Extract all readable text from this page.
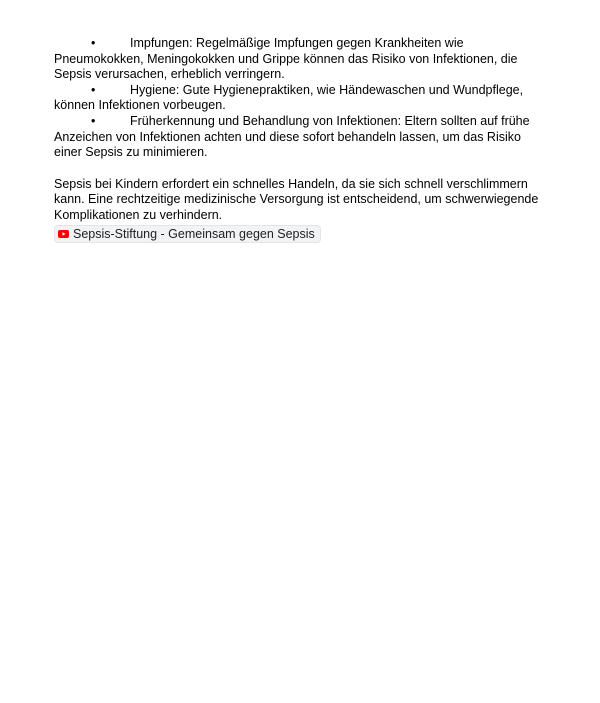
•	Impfungen: Regelmäßige Impfungen gegen Krankheiten wie Pneumokokken, Meningokokken und Grippe können das Risiko von Infektionen, die Sepsis verursachen, erheblich verringern.
•	Hygiene: Gute Hygienepraktiken, wie Händewaschen und Wundpflege, können Infektionen vorbeugen.
•	Früherkennung und Behandlung von Infektionen: Eltern sollten auf frühe Anzeichen von Infektionen achten und diese sofort behandeln lassen, um das Risiko einer Sepsis zu minimieren.

Sepsis bei Kindern erfordert ein schnelles Handeln, da sie sich schnell verschlimmern kann. Eine rechtzeitige medizinische Versorgung ist entscheidend, um schwerwiegende Komplikationen zu verhindern.

Sepsis-Stiftung - Gemeinsam gegen Sepsis
